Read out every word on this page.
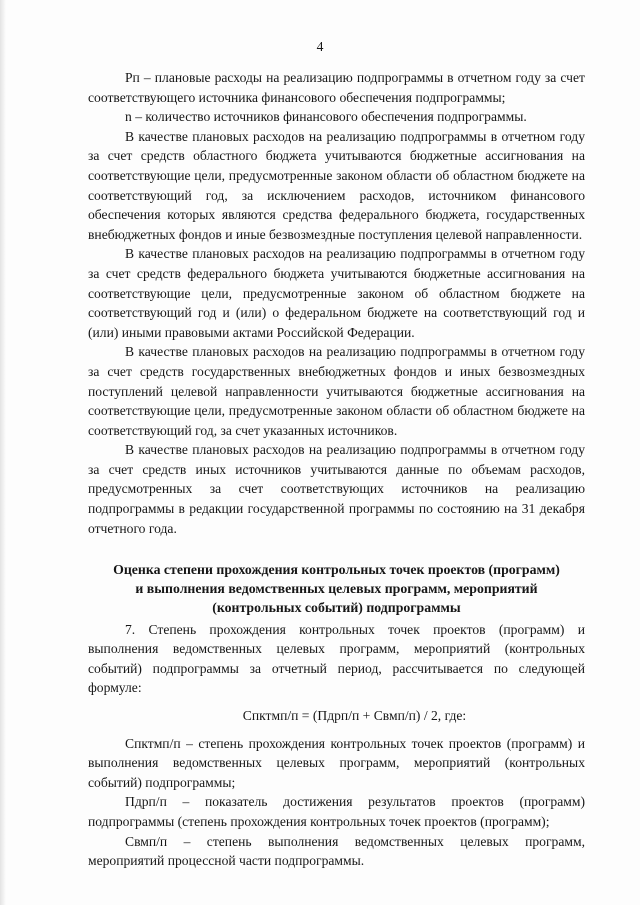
4

Pп – плановые расходы на реализацию подпрограммы в отчетном году за счет соответствующего источника финансового обеспечения подпрограммы;

n – количество источников финансового обеспечения подпрограммы.

В качестве плановых расходов на реализацию подпрограммы в отчетном году за счет средств областного бюджета учитываются бюджетные ассигнования на соответствующие цели, предусмотренные законом области об областном бюджете на соответствующий год, за исключением расходов, источником финансового обеспечения которых являются средства федерального бюджета, государственных внебюджетных фондов и иные безвозмездные поступления целевой направленности.

В качестве плановых расходов на реализацию подпрограммы в отчетном году за счет средств федерального бюджета учитываются бюджетные ассигнования на соответствующие цели, предусмотренные законом об областном бюджете на соответствующий год и (или) о федеральном бюджете на соответствующий год и (или) иными правовыми актами Российской Федерации.

В качестве плановых расходов на реализацию подпрограммы в отчетном году за счет средств государственных внебюджетных фондов и иных безвозмездных поступлений целевой направленности учитываются бюджетные ассигнования на соответствующие цели, предусмотренные законом области об областном бюджете на соответствующий год, за счет указанных источников.

В качестве плановых расходов на реализацию подпрограммы в отчетном году за счет средств иных источников учитываются данные по объемам расходов, предусмотренных за счет соответствующих источников на реализацию подпрограммы в редакции государственной программы по состоянию на 31 декабря отчетного года.

Оценка степени прохождения контрольных точек проектов (программ)
и выполнения ведомственных целевых программ, мероприятий
(контрольных событий) подпрограммы

7. Степень прохождения контрольных точек проектов (программ) и выполнения ведомственных целевых программ, мероприятий (контрольных событий) подпрограммы за отчетный период, рассчитывается по следующей формуле:

Спктмп/п = (Пдрп/п + Свмп/п) / 2, где:

Спктмп/п – степень прохождения контрольных точек проектов (программ) и выполнения ведомственных целевых программ, мероприятий (контрольных событий) подпрограммы;

Пдрп/п – показатель достижения результатов проектов (программ) подпрограммы (степень прохождения контрольных точек проектов (программ);

Свмп/п – степень выполнения ведомственных целевых программ, мероприятий процессной части подпрограммы.
